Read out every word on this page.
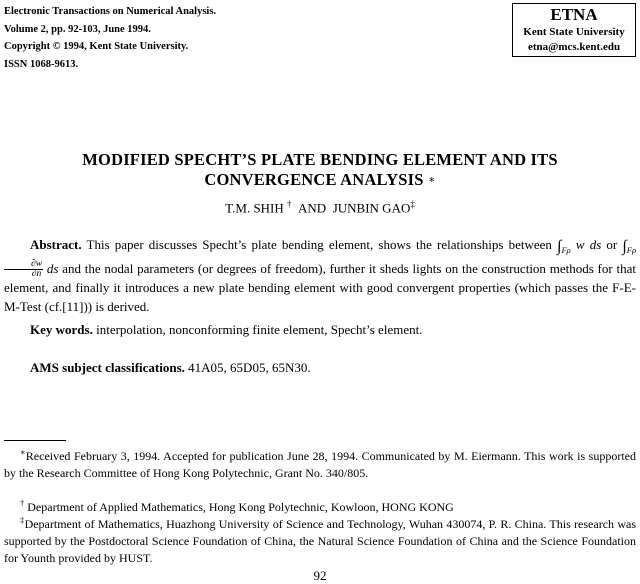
Electronic Transactions on Numerical Analysis.
Volume 2, pp. 92-103, June 1994.
Copyright © 1994, Kent State University.
ISSN 1068-9613.
ETNA
Kent State University
etna@mcs.kent.edu
MODIFIED SPECHT’S PLATE BENDING ELEMENT AND ITS
CONVERGENCE ANALYSIS ∗
T.M. SHIH † AND JUNBIN GAO‡

Abstract. This paper discusses Specht’s plate bending element, shows the relationships between $\int_{F\rho}$ w ds or $\int_{F\rho}$
$\frac{\partial w}{\partial n}$ ds and the nodal parameters (or degrees of freedom), further it sheds lights on the construction methods for that element, and finally it introduces a new plate bending element with good convergent properties (which passes the F-E-M-Test (cf.[11])) is derived.

Key words. interpolation, nonconforming finite element, Specht’s element.
AMS subject classifications. 41A05, 65D05, 65N30.
∗Received February 3, 1994. Accepted for publication June 28, 1994. Communicated by M. Eiermann. This work is supported by the Research Committee of Hong Kong Polytechnic, Grant No. 340/805.
† Department of Applied Mathematics, Hong Kong Polytechnic, Kowloon, HONG KONG
‡Department of Mathematics, Huazhong University of Science and Technology, Wuhan 430074, P. R. China. This research was supported by the Postdoctoral Science Foundation of China, the Natural Science Foundation of China and the Science Foundation for Younth provided by HUST.
92
